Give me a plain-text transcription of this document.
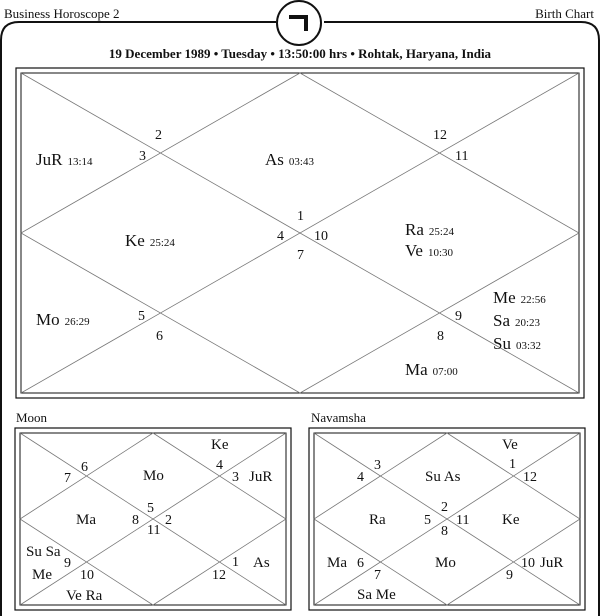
Business Horoscope 2	Birth Chart
19 December 1989 • Tuesday • 13:50:00 hrs • Rohtak, Haryana, India
Moon	Navamsha
2
3
12
11
1
4 10
7
5
6
9
8
As 03:43
JuR 13:14
Ke 25:24
Mo 26:29
Ra 25:24
Ve 10:30
Me 22:56
Sa 20:23
Su 03:32
Ma 07:00
7
6	4
3
5
8 2
11
9
10
1
12
Ke
Mo	JuR
Ma
Su Sa
Me
As
Ve Ra
4
3	1
12
2
5 11
8
6
7
10
9
Ve
Su As
Ra	Ke
Ma	Mo	JuR
Sa Me
